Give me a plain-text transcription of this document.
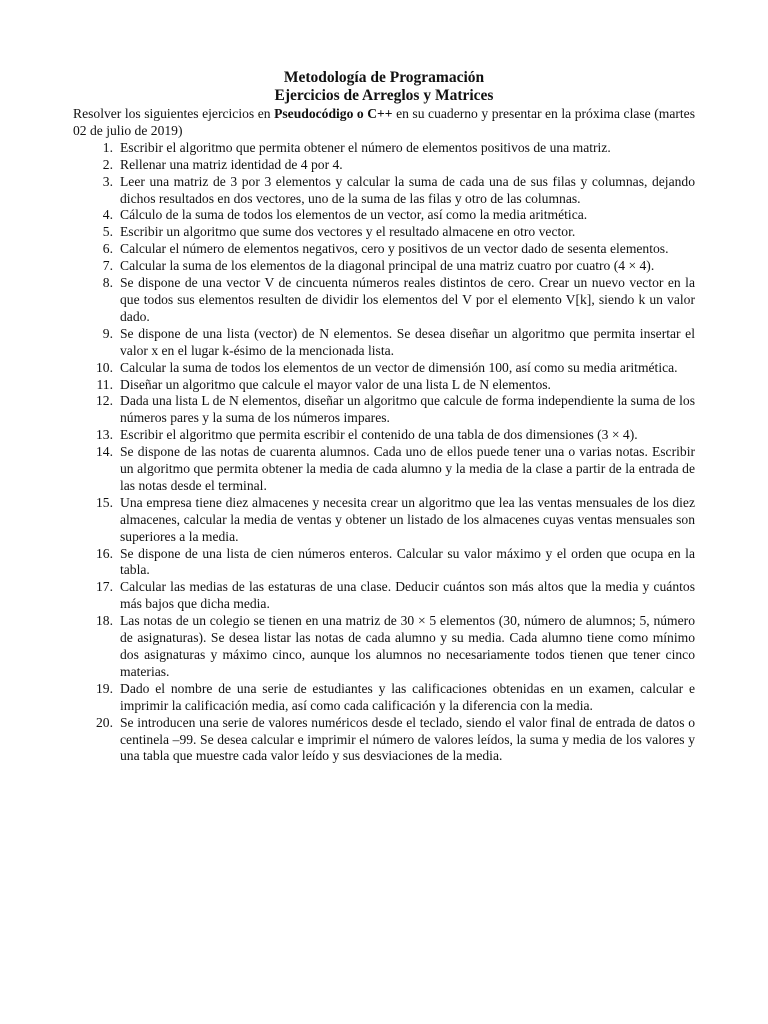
Metodología de Programación
Ejercicios de Arreglos y Matrices

Resolver los siguientes ejercicios en Pseudocódigo o C++ en su cuaderno y presentar en la próxima clase (martes 02 de julio de 2019)

1. Escribir el algoritmo que permita obtener el número de elementos positivos de una matriz.
2. Rellenar una matriz identidad de 4 por 4.
3. Leer una matriz de 3 por 3 elementos y calcular la suma de cada una de sus filas y columnas, dejando dichos resultados en dos vectores, uno de la suma de las filas y otro de las columnas.
4. Cálculo de la suma de todos los elementos de un vector, así como la media aritmética.
5. Escribir un algoritmo que sume dos vectores y el resultado almacene en otro vector.
6. Calcular el número de elementos negativos, cero y positivos de un vector dado de sesenta elementos.
7. Calcular la suma de los elementos de la diagonal principal de una matriz cuatro por cuatro (4 × 4).
8. Se dispone de una vector V de cincuenta números reales distintos de cero. Crear un nuevo vector en la que todos sus elementos resulten de dividir los elementos del V por el elemento V[k], siendo k un valor dado.
9. Se dispone de una lista (vector) de N elementos. Se desea diseñar un algoritmo que permita insertar el valor x en el lugar k-ésimo de la mencionada lista.
10. Calcular la suma de todos los elementos de un vector de dimensión 100, así como su media aritmética.
11. Diseñar un algoritmo que calcule el mayor valor de una lista L de N elementos.
12. Dada una lista L de N elementos, diseñar un algoritmo que calcule de forma independiente la suma de los números pares y la suma de los números impares.
13. Escribir el algoritmo que permita escribir el contenido de una tabla de dos dimensiones (3 × 4).
14. Se dispone de las notas de cuarenta alumnos. Cada uno de ellos puede tener una o varias notas. Escribir un algoritmo que permita obtener la media de cada alumno y la media de la clase a partir de la entrada de las notas desde el terminal.
15. Una empresa tiene diez almacenes y necesita crear un algoritmo que lea las ventas mensuales de los diez almacenes, calcular la media de ventas y obtener un listado de los almacenes cuyas ventas mensuales son superiores a la media.
16. Se dispone de una lista de cien números enteros. Calcular su valor máximo y el orden que ocupa en la tabla.
17. Calcular las medias de las estaturas de una clase. Deducir cuántos son más altos que la media y cuántos más bajos que dicha media.
18. Las notas de un colegio se tienen en una matriz de 30 × 5 elementos (30, número de alumnos; 5, número de asignaturas). Se desea listar las notas de cada alumno y su media. Cada alumno tiene como mínimo dos asignaturas y máximo cinco, aunque los alumnos no necesariamente todos tienen que tener cinco materias.
19. Dado el nombre de una serie de estudiantes y las calificaciones obtenidas en un examen, calcular e imprimir la calificación media, así como cada calificación y la diferencia con la media.
20. Se introducen una serie de valores numéricos desde el teclado, siendo el valor final de entrada de datos o centinela –99. Se desea calcular e imprimir el número de valores leídos, la suma y media de los valores y una tabla que muestre cada valor leído y sus desviaciones de la media.
